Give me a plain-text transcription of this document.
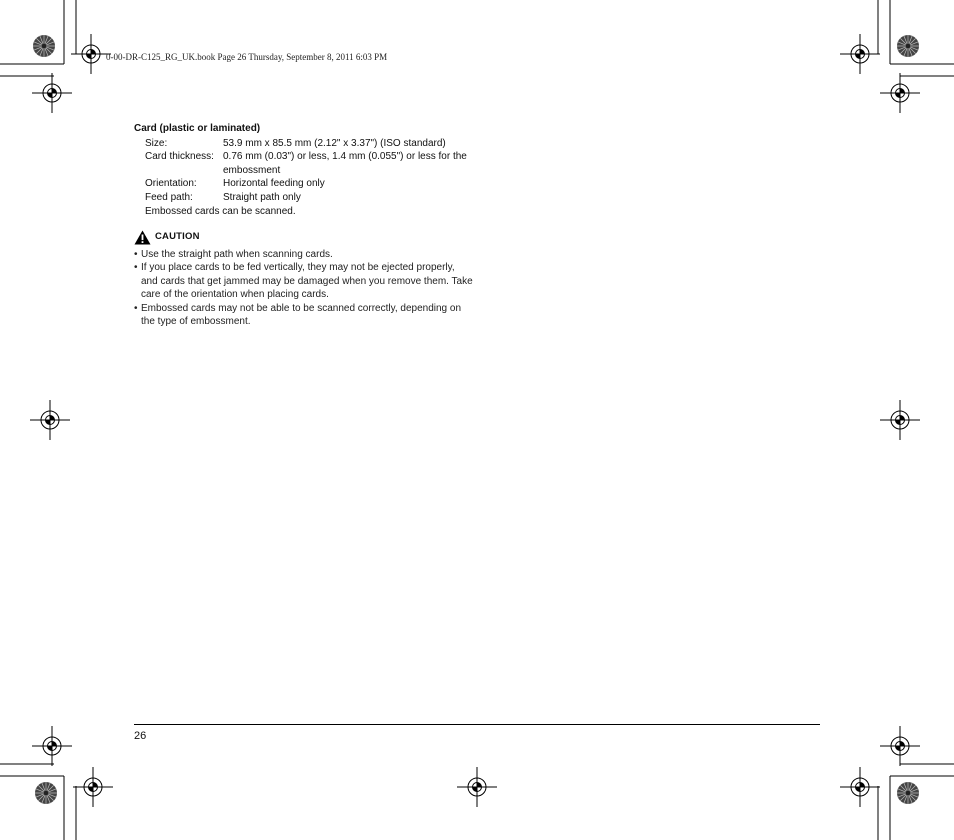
0-00-DR-C125_RG_UK.book Page 26 Thursday, September 8, 2011 6:03 PM
Card (plastic or laminated)
Size:	53.9 mm x 85.5 mm (2.12" x 3.37") (ISO standard)
Card thickness: 0.76 mm (0.03") or less, 1.4 mm (0.055") or less for the embossment
Orientation:	Horizontal feeding only
Feed path:	Straight path only
Embossed cards can be scanned.
CAUTION
• Use the straight path when scanning cards.
• If you place cards to be fed vertically, they may not be ejected properly, and cards that get jammed may be damaged when you remove them. Take care of the orientation when placing cards.
• Embossed cards may not be able to be scanned correctly, depending on the type of embossment.
26
